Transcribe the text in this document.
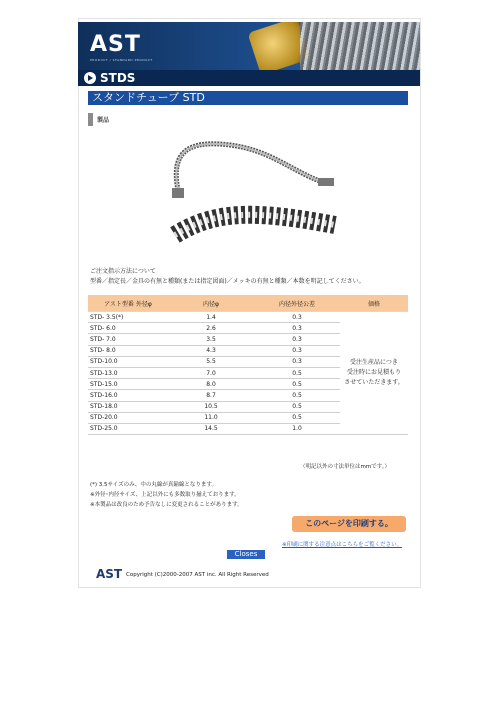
AST
PRODUCT / STANDARD PRODUCT
STDS
スタンドチューブ STD
製品
ご注文指示方法について
型番／指定長／金具の有無と種類(または指定図面)／メッキの有無と種類／本数を明記してください。
アスト型番 外径φ	内径φ	内径外径公差	価格
STD- 3.5(*)	1.4	0.3	受注生産品につき
受注時にお見積もり
させていただきます。
STD- 6.0	2.6	0.3	
STD- 7.0	3.5	0.3	
STD- 8.0	4.3	0.3	
STD-10.0	5.5	0.3	
STD-13.0	7.0	0.5	
STD-15.0	8.0	0.5	
STD-16.0	8.7	0.5	
STD-18.0	10.5	0.5	
STD-20.0	11.0	0.5	
STD-25.0	14.5	1.0	
（明記以外の寸法単位はmmです。）
(*) 3.5サイズのみ、中の丸線が真鍮線となります。
※外径･内径サイズ、上記以外にも多数取り揃えております。
※本製品は改良のため予告なしに変更されることがあります。
このページを印刷する。
※印刷に関する注意点はこちらをご覧ください。
Closes
AST Copyright (C)2000-2007 AST inc. All Right Reserved
